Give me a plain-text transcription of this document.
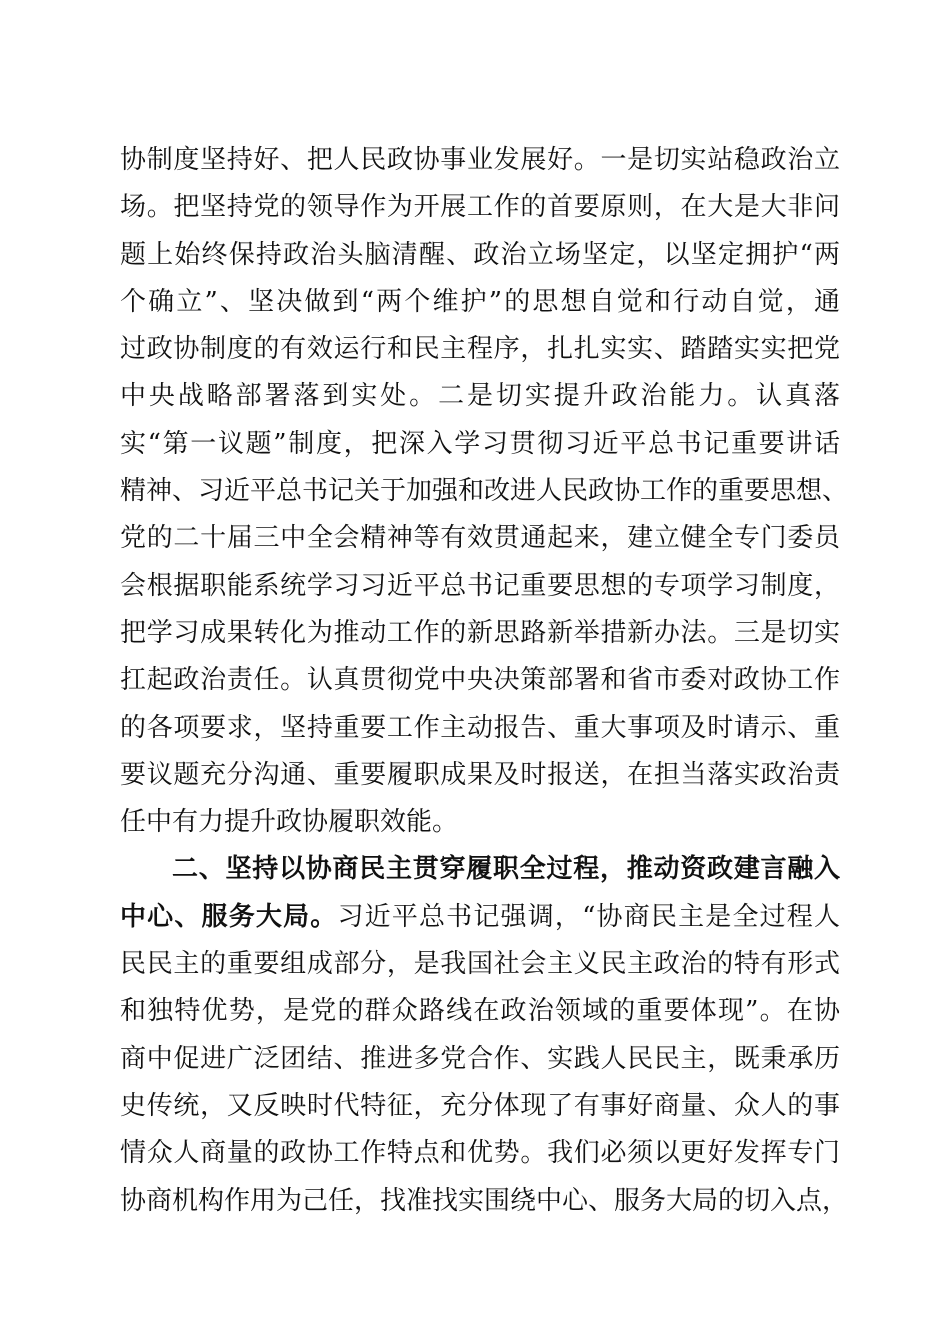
协制度坚持好、把人民政协事业发展好。一是切实站稳政治立
场。把坚持党的领导作为开展工作的首要原则，在大是大非问
题上始终保持政治头脑清醒、政治立场坚定，以坚定拥护“两
个确立”、坚决做到“两个维护”的思想自觉和行动自觉，通
过政协制度的有效运行和民主程序，扎扎实实、踏踏实实把党
中央战略部署落到实处。二是切实提升政治能力。认真落
实“第一议题”制度，把深入学习贯彻习近平总书记重要讲话
精神、习近平总书记关于加强和改进人民政协工作的重要思想、
党的二十届三中全会精神等有效贯通起来，建立健全专门委员
会根据职能系统学习习近平总书记重要思想的专项学习制度，
把学习成果转化为推动工作的新思路新举措新办法。三是切实
扛起政治责任。认真贯彻党中央决策部署和省市委对政协工作
的各项要求，坚持重要工作主动报告、重大事项及时请示、重
要议题充分沟通、重要履职成果及时报送，在担当落实政治责
任中有力提升政协履职效能。
二、坚持以协商民主贯穿履职全过程，推动资政建言融入
中心、服务大局。习近平总书记强调，“协商民主是全过程人
民民主的重要组成部分，是我国社会主义民主政治的特有形式
和独特优势，是党的群众路线在政治领域的重要体现”。在协
商中促进广泛团结、推进多党合作、实践人民民主，既秉承历
史传统，又反映时代特征，充分体现了有事好商量、众人的事
情众人商量的政协工作特点和优势。我们必须以更好发挥专门
协商机构作用为己任，找准找实围绕中心、服务大局的切入点，
